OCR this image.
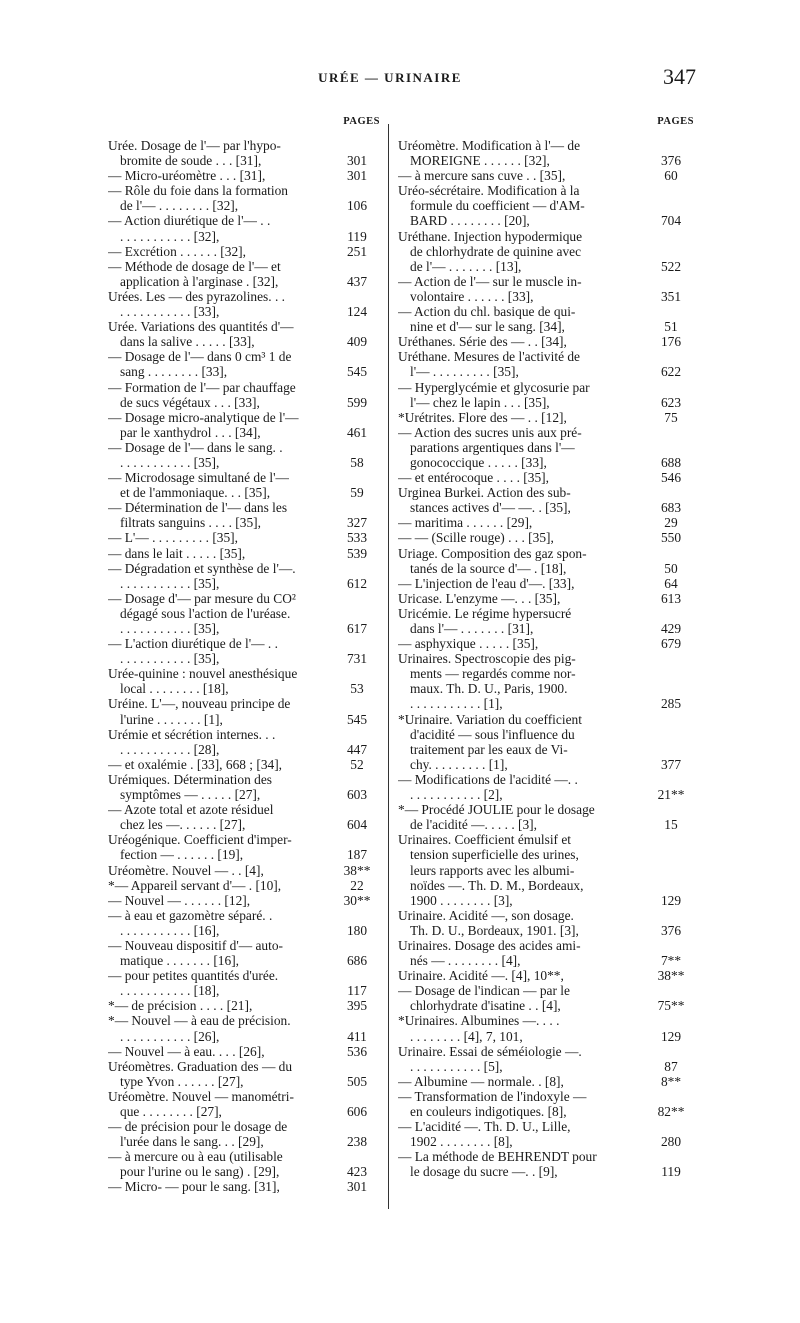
URÉE — URINAIRE	347
PAGES
Urée. Dosage de l'— par l'hypo-
bromite de soude . . . [31],	301
— Micro-uréomètre . . . [31],	301
— Rôle du foie dans la formation
de l'— . . . . . . . . [32],	106
— Action diurétique de l'— . .
. . . . . . . . . . . [32],	119
— Excrétion . . . . . . [32],	251
— Méthode de dosage de l'— et
application à l'arginase . [32],	437
Urées. Les — des pyrazolines. . .
. . . . . . . . . . . [33],	124
Urée. Variations des quantités d'—
dans la salive . . . . . [33],	409
— Dosage de l'— dans 0 cm³ 1 de
sang . . . . . . . . [33],	545
— Formation de l'— par chauffage
de sucs végétaux . . . [33],	599
— Dosage micro-analytique de l'—
par le xanthydrol . . . [34],	461
— Dosage de l'— dans le sang. .
. . . . . . . . . . . [35],	58
— Microdosage simultané de l'—
et de l'ammoniaque. . . [35],	59
— Détermination de l'— dans les
filtrats sanguins . . . . [35],	327
— L'— . . . . . . . . . [35],	533
— dans le lait . . . . . [35],	539
— Dégradation et synthèse de l'—.
. . . . . . . . . . . [35],	612
— Dosage d'— par mesure du CO²
dégagé sous l'action de l'uréase.
. . . . . . . . . . . [35],	617
— L'action diurétique de l'— . .
. . . . . . . . . . . [35],	731
Urée-quinine : nouvel anesthésique
local . . . . . . . . [18],	53
Uréine. L'—, nouveau principe de
l'urine . . . . . . . [1],	545
Urémie et sécrétion internes. . .
. . . . . . . . . . . [28],	447
— et oxalémie . [33], 668 ; [34],	52
Urémiques. Détermination des
symptômes — . . . . . [27],	603
— Azote total et azote résiduel
chez les —. . . . . . [27],	604
Uréogénique. Coefficient d'imper-
fection — . . . . . . [19],	187
Uréomètre. Nouvel — . . [4],	38**
*— Appareil servant d'— . [10],	22
— Nouvel — . . . . . . [12],	30**
— à eau et gazomètre séparé. .
. . . . . . . . . . . [16],	180
— Nouveau dispositif d'— auto-
matique . . . . . . . [16],	686
— pour petites quantités d'urée.
. . . . . . . . . . . [18],	117
*— de précision . . . . [21],	395
*— Nouvel — à eau de précision.
. . . . . . . . . . . [26],	411
— Nouvel — à eau. . . . [26],	536
Uréomètres. Graduation des — du
type Yvon . . . . . . [27],	505
Uréomètre. Nouvel — manométri-
que . . . . . . . . [27],	606
— de précision pour le dosage de
l'urée dans le sang. . . [29],	238
— à mercure ou à eau (utilisable
pour l'urine ou le sang) . [29],	423
— Micro- — pour le sang. [31],	301
PAGES
Uréomètre. Modification à l'— de
MOREIGNE . . . . . . [32],	376
— à mercure sans cuve . . [35],	60
Uréo-sécrétaire. Modification à la
formule du coefficient — d'AM-
BARD . . . . . . . . [20],	704
Uréthane. Injection hypodermique
de chlorhydrate de quinine avec
de l'— . . . . . . . [13],	522
— Action de l'— sur le muscle in-
volontaire . . . . . . [33],	351
— Action du chl. basique de qui-
nine et d'— sur le sang. [34],	51
Uréthanes. Série des — . . [34],	176
Uréthane. Mesures de l'activité de
l'— . . . . . . . . . [35],	622
— Hyperglycémie et glycosurie par
l'— chez le lapin . . . [35],	623
*Urétrites. Flore des — . . [12],	75
— Action des sucres unis aux pré-
parations argentiques dans l'—
gonococcique . . . . . [33],	688
— et entérocoque . . . . [35],	546
Urginea Burkei. Action des sub-
stances actives d'— —. . [35],	683
— maritima . . . . . . [29],	29
— — (Scille rouge) . . . [35],	550
Uriage. Composition des gaz spon-
tanés de la source d'— . [18],	50
— L'injection de l'eau d'—. [33],	64
Uricase. L'enzyme —. . . [35],	613
Uricémie. Le régime hypersucré
dans l'— . . . . . . . [31],	429
— asphyxique . . . . . [35],	679
Urinaires. Spectroscopie des pig-
ments — regardés comme nor-
maux. Th. D. U., Paris, 1900.
. . . . . . . . . . . [1],	285
*Urinaire. Variation du coefficient
d'acidité — sous l'influence du
traitement par les eaux de Vi-
chy. . . . . . . . . [1],	377
— Modifications de l'acidité —. .
. . . . . . . . . . . [2],	21**
*— Procédé JOULIE pour le dosage
de l'acidité —. . . . . [3],	15
Urinaires. Coefficient émulsif et
tension superficielle des urines,
leurs rapports avec les albumi-
noïdes —. Th. D. M., Bordeaux,
1900 . . . . . . . . [3],	129
Urinaire. Acidité —, son dosage.
Th. D. U., Bordeaux, 1901. [3],	376
Urinaires. Dosage des acides ami-
nés — . . . . . . . . [4],	7**
Urinaire. Acidité —. [4], 10**,	38**
— Dosage de l'indican — par le
chlorhydrate d'isatine . . [4],	75**
*Urinaires. Albumines —. . . .
. . . . . . . . [4], 7, 101,	129
Urinaire. Essai de séméiologie —.
. . . . . . . . . . . [5],	87
— Albumine — normale. . [8],	8**
— Transformation de l'indoxyle —
en couleurs indigotiques. [8],	82**
— L'acidité —. Th. D. U., Lille,
1902 . . . . . . . . [8],	280
— La méthode de BEHRENDT pour
le dosage du sucre —. . [9],	119
